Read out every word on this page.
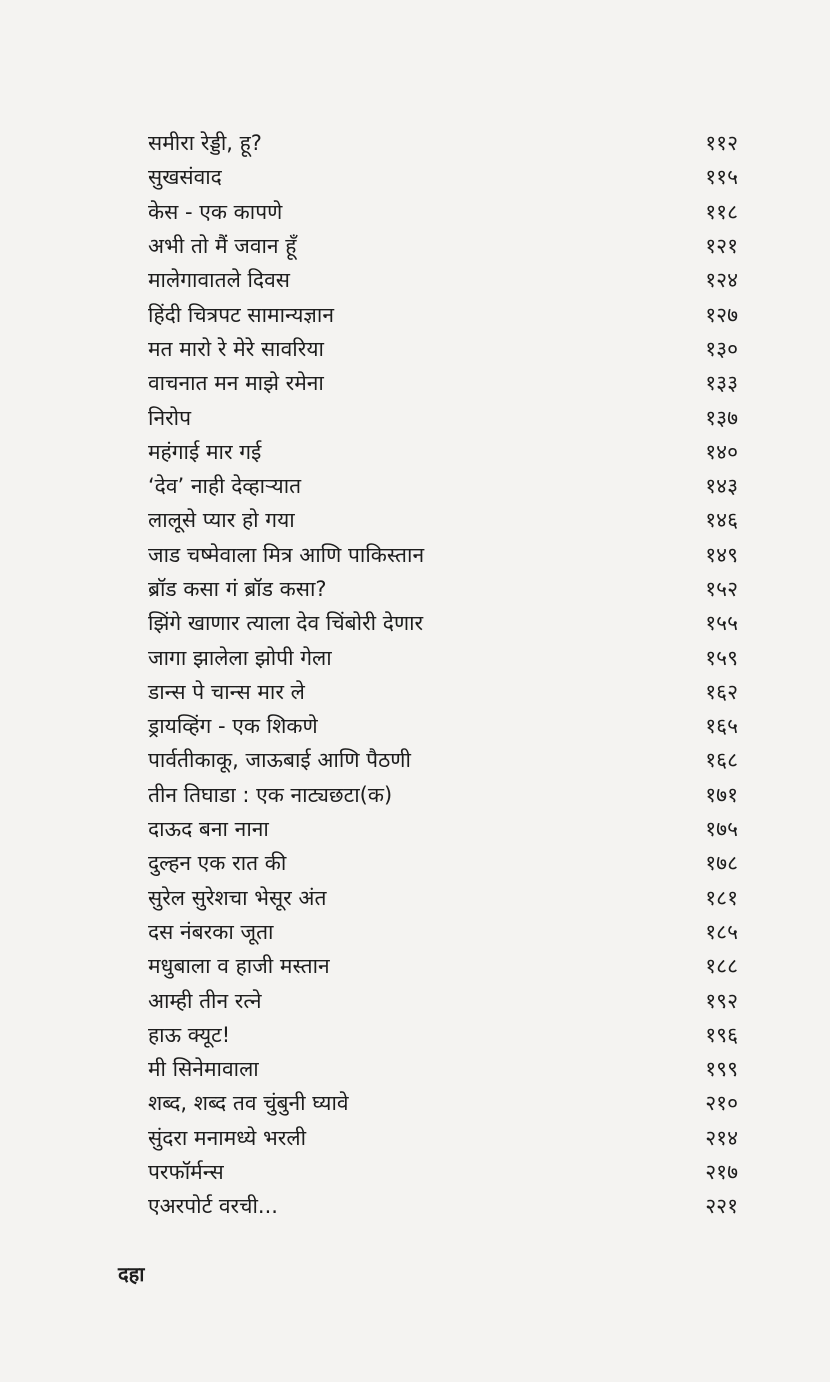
समीरा रेड्डी, हू?	११२
सुखसंवाद	११५
केस - एक कापणे	११८
अभी तो मैं जवान हूँ	१२१
मालेगावातले दिवस	१२४
हिंदी चित्रपट सामान्यज्ञान	१२७
मत मारो रे मेरे सावरिया	१३०
वाचनात मन माझे रमेना	१३३
निरोप	१३७
महंगाई मार गई	१४०
‘देव’ नाही देव्हाऱ्यात	१४३
लालूसे प्यार हो गया	१४६
जाड चष्मेवाला मित्र आणि पाकिस्तान	१४९
ब्रॉड कसा गं ब्रॉड कसा?	१५२
झिंगे खाणार त्याला देव चिंबोरी देणार	१५५
जागा झालेला झोपी गेला	१५९
डान्स पे चान्स मार ले	१६२
ड्रायव्हिंग - एक शिकणे	१६५
पार्वतीकाकू, जाऊबाई आणि पैठणी	१६८
तीन तिघाडा : एक नाट्यछटा(क)	१७१
दाऊद बना नाना	१७५
दुल्हन एक रात की	१७८
सुरेल सुरेशचा भेसूर अंत	१८१
दस नंबरका जूता	१८५
मधुबाला व हाजी मस्तान	१८८
आम्ही तीन रत्ने	१९२
हाऊ क्यूट!	१९६
मी सिनेमावाला	१९९
शब्द, शब्द तव चुंबुनी घ्यावे	२१०
सुंदरा मनामध्ये भरली	२१४
परफॉर्मन्स	२१७
एअरपोर्ट वरची...	२२१
दहा
